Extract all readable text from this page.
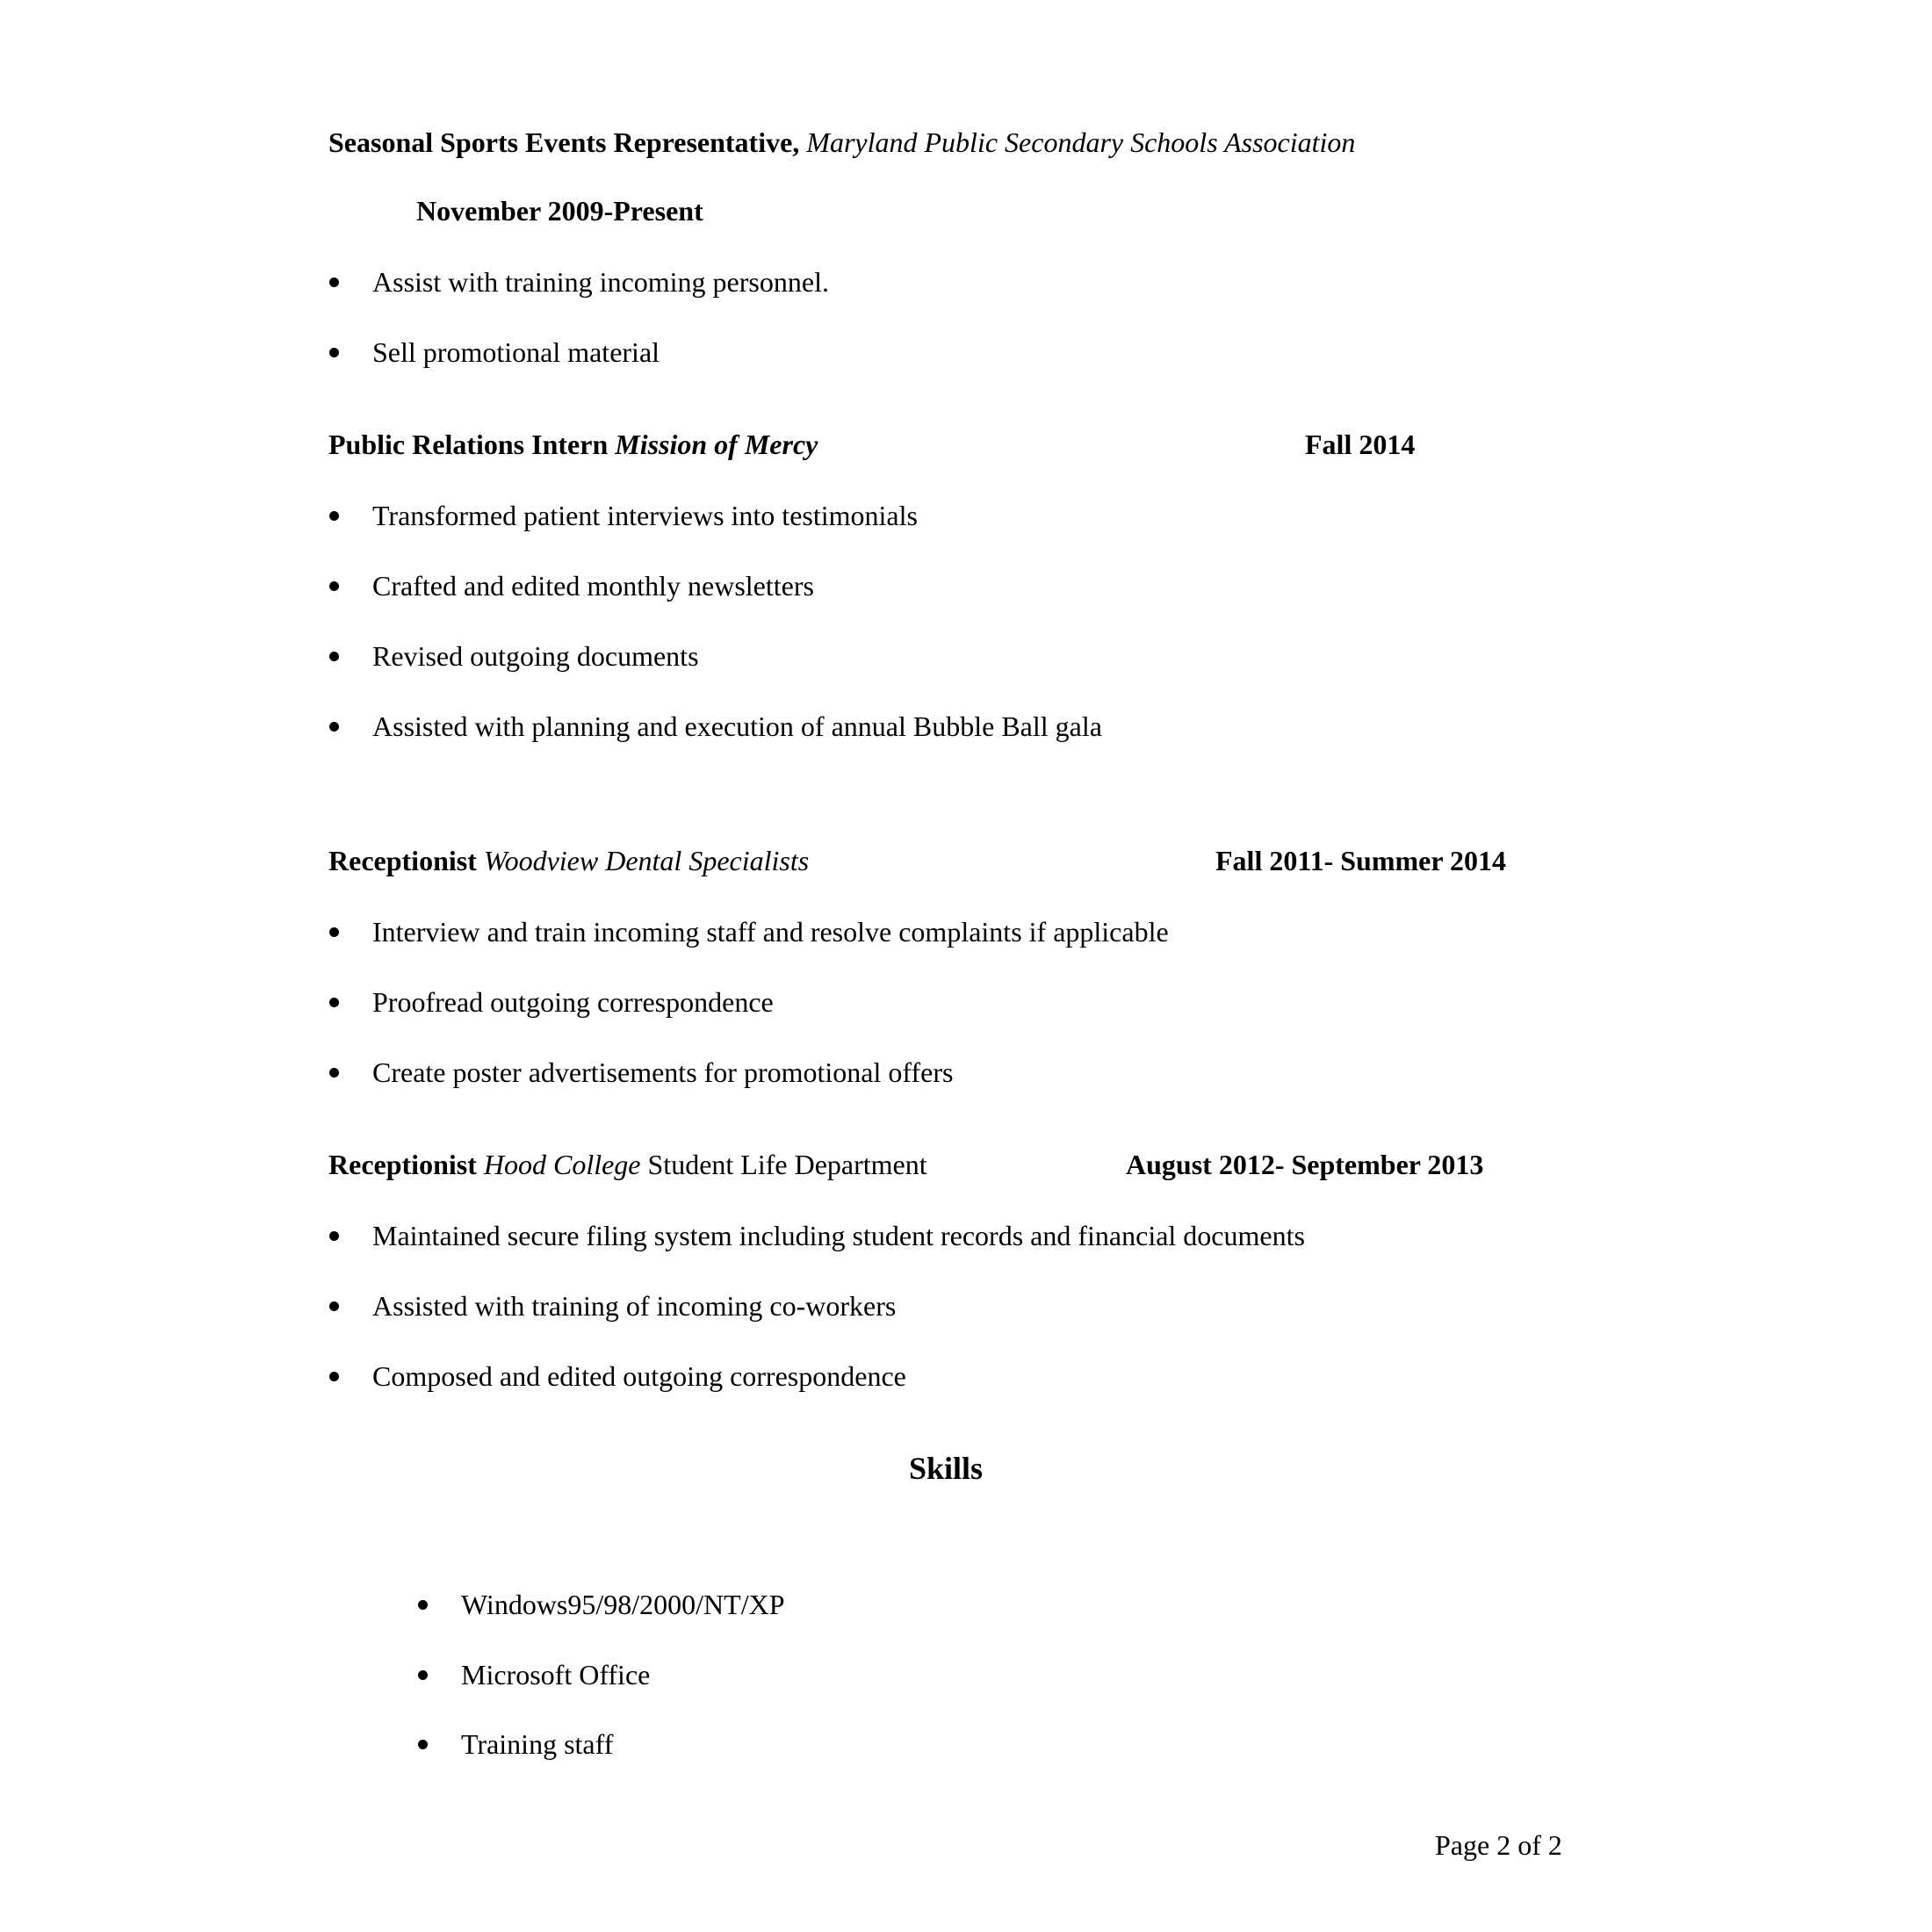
Seasonal Sports Events Representative, Maryland Public Secondary Schools Association
November 2009-Present
Assist with training incoming personnel.
Sell promotional material
Public Relations Intern Mission of Mercy	Fall 2014
Transformed patient interviews into testimonials
Crafted and edited monthly newsletters
Revised outgoing documents
Assisted with planning and execution of annual Bubble Ball gala
Receptionist Woodview Dental Specialists	Fall 2011- Summer 2014
Interview and train incoming staff and resolve complaints if applicable
Proofread outgoing correspondence
Create poster advertisements for promotional offers
Receptionist Hood College Student Life Department	August 2012- September 2013
Maintained secure filing system including student records and financial documents
Assisted with training of incoming co-workers
Composed and edited outgoing correspondence
Skills
Windows95/98/2000/NT/XP
Microsoft Office
Training staff
Page 2 of 2
